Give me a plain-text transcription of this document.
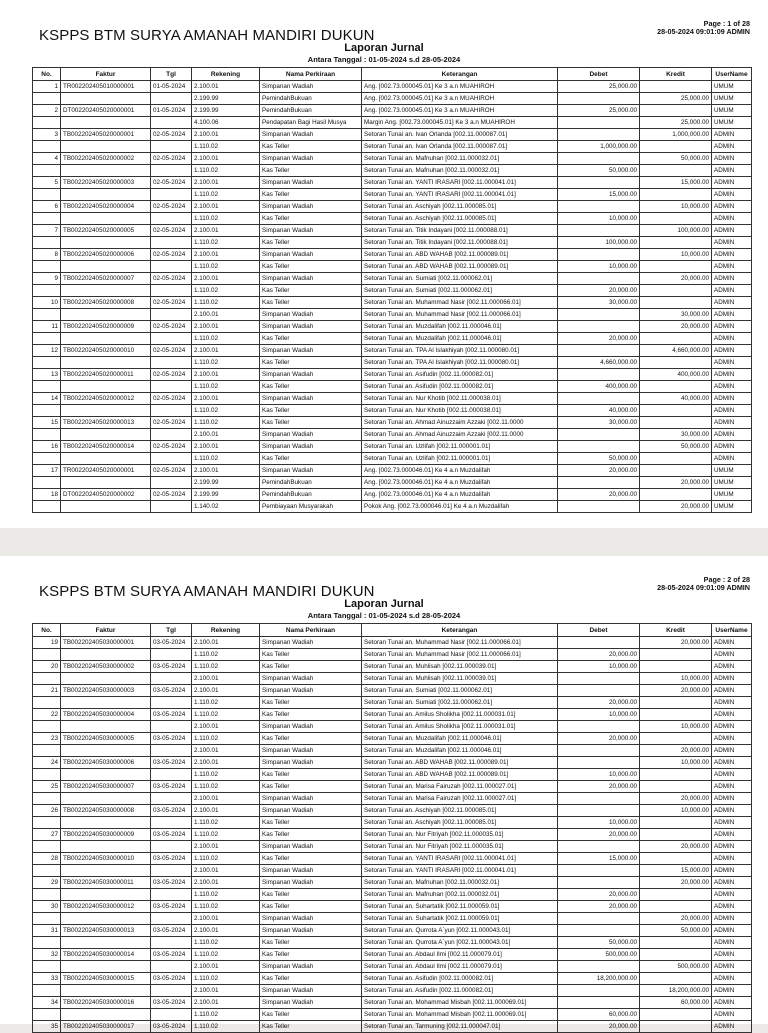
Page : 1 of 28
28-05-2024 09:01:09 ADMIN
KSPPS BTM SURYA AMANAH MANDIRI DUKUN
Laporan Jurnal
Antara Tanggal : 01-05-2024 s.d 28-05-2024
No.	Faktur	Tgl	Rekening	Nama Perkiraan	Keterangan	Debet	Kredit	UserName
1	TR002202405010000001	01-05-2024	2.100.01	Simpanan Wadiah	Ang. [002.73.000045.01] Ke 3 a.n MUAHIROH	25,000.00		UMUM
			2.199.99	PemindahBukuan	Ang. [002.73.000045.01] Ke 3 a.n MUAHIROH		25,000.00	UMUM
2	DT002202405020000001	01-05-2024	2.199.99	PemindahBukuan	Ang. [002.73.000045.01] Ke 3 a.n MUAHIROH	25,000.00		UMUM
			4.100.06	Pendapatan Bagi Hasil Musya	Margin Ang. [002.73.000045.01] Ke 3 a.n MUAHIROH		25,000.00	UMUM
3	TB002202405020000001	02-05-2024	2.100.01	Simpanan Wadiah	Setoran Tunai an. Ivan Orlanda [002.11.000087.01]		1,000,000.00	ADMIN
			1.110.02	Kas Teller	Setoran Tunai an. Ivan Orlanda [002.11.000087.01]	1,000,000.00		ADMIN
4	TB002202405020000002	02-05-2024	2.100.01	Simpanan Wadiah	Setoran Tunai an. Mafnuhan [002.11.000032.01]		50,000.00	ADMIN
			1.110.02	Kas Teller	Setoran Tunai an. Mafnuhan [002.11.000032.01]	50,000.00		ADMIN
5	TB002202405020000003	02-05-2024	2.100.01	Simpanan Wadiah	Setoran Tunai an. YANTI IRASARI [002.11.000041.01]		15,000.00	ADMIN
			1.110.02	Kas Teller	Setoran Tunai an. YANTI IRASARI [002.11.000041.01]	15,000.00		ADMIN
6	TB002202405020000004	02-05-2024	2.100.01	Simpanan Wadiah	Setoran Tunai an. Aschiyah [002.11.000085.01]		10,000.00	ADMIN
			1.110.02	Kas Teller	Setoran Tunai an. Aschiyah [002.11.000085.01]	10,000.00		ADMIN
7	TB002202405020000005	02-05-2024	2.100.01	Simpanan Wadiah	Setoran Tunai an. Titik Indayani [002.11.000088.01]		100,000.00	ADMIN
			1.110.02	Kas Teller	Setoran Tunai an. Titik Indayani [002.11.000088.01]	100,000.00		ADMIN
8	TB002202405020000006	02-05-2024	2.100.01	Simpanan Wadiah	Setoran Tunai an. ABD WAHAB [002.11.000089.01]		10,000.00	ADMIN
			1.110.02	Kas Teller	Setoran Tunai an. ABD WAHAB [002.11.000089.01]	10,000.00		ADMIN
9	TB002202405020000007	02-05-2024	2.100.01	Simpanan Wadiah	Setoran Tunai an. Sumiati [002.11.000062.01]		20,000.00	ADMIN
			1.110.02	Kas Teller	Setoran Tunai an. Sumiati [002.11.000062.01]	20,000.00		ADMIN
10	TB002202405020000008	02-05-2024	1.110.02	Kas Teller	Setoran Tunai an. Muhammad Nasir [002.11.000066.01]	30,000.00		ADMIN
			2.100.01	Simpanan Wadiah	Setoran Tunai an. Muhammad Nasir [002.11.000066.01]		30,000.00	ADMIN
11	TB002202405020000009	02-05-2024	2.100.01	Simpanan Wadiah	Setoran Tunai an. Muzdalifah [002.11.000046.01]		20,000.00	ADMIN
			1.110.02	Kas Teller	Setoran Tunai an. Muzdalifah [002.11.000046.01]	20,000.00		ADMIN
12	TB002202405020000010	02-05-2024	2.100.01	Simpanan Wadiah	Setoran Tunai an. TPA Al Islakhiyah [002.11.000080.01]		4,660,000.00	ADMIN
			1.110.02	Kas Teller	Setoran Tunai an. TPA Al Islakhiyah [002.11.000080.01]	4,660,000.00		ADMIN
13	TB002202405020000011	02-05-2024	2.100.01	Simpanan Wadiah	Setoran Tunai an. Asifudin [002.11.000082.01]		400,000.00	ADMIN
			1.110.02	Kas Teller	Setoran Tunai an. Asifudin [002.11.000082.01]	400,000.00		ADMIN
14	TB002202405020000012	02-05-2024	2.100.01	Simpanan Wadiah	Setoran Tunai an. Nur Khotib [002.11.000038.01]		40,000.00	ADMIN
			1.110.02	Kas Teller	Setoran Tunai an. Nur Khotib [002.11.000038.01]	40,000.00		ADMIN
15	TB002202405020000013	02-05-2024	1.110.02	Kas Teller	Setoran Tunai an. Ahmad Ainuzzaim Azzaki [002.11.0000	30,000.00		ADMIN
			2.100.01	Simpanan Wadiah	Setoran Tunai an. Ahmad Ainuzzaim Azzaki [002.11.0000		30,000.00	ADMIN
16	TB002202405020000014	02-05-2024	2.100.01	Simpanan Wadiah	Setoran Tunai an. Uzlifah [002.11.000001.01]		50,000.00	ADMIN
			1.110.02	Kas Teller	Setoran Tunai an. Uzlifah [002.11.000001.01]	50,000.00		ADMIN
17	TR002202405020000001	02-05-2024	2.100.01	Simpanan Wadiah	Ang. [002.73.000046.01] Ke 4 a.n Muzdalifah	20,000.00		UMUM
			2.199.99	PemindahBukuan	Ang. [002.73.000046.01] Ke 4 a.n Muzdalifah		20,000.00	UMUM
18	DT002202405020000002	02-05-2024	2.199.99	PemindahBukuan	Ang. [002.73.000046.01] Ke 4 a.n Muzdalifah	20,000.00		UMUM
			1.140.02	Pembiayaan Musyarakah	Pokok Ang. [002.73.000046.01] Ke 4 a.n Muzdalifah		20,000.00	UMUM
Page : 2 of 28
28-05-2024 09:01:09 ADMIN
KSPPS BTM SURYA AMANAH MANDIRI DUKUN
Laporan Jurnal
Antara Tanggal : 01-05-2024 s.d 28-05-2024
No.	Faktur	Tgl	Rekening	Nama Perkiraan	Keterangan	Debet	Kredit	UserName
19	TB002202405030000001	03-05-2024	2.100.01	Simpanan Wadiah	Setoran Tunai an. Muhammad Nasir [002.11.000066.01]		20,000.00	ADMIN
			1.110.02	Kas Teller	Setoran Tunai an. Muhammad Nasir [002.11.000066.01]	20,000.00		ADMIN
20	TB002202405030000002	03-05-2024	1.110.02	Kas Teller	Setoran Tunai an. Muhlisah [002.11.000039.01]	10,000.00		ADMIN
			2.100.01	Simpanan Wadiah	Setoran Tunai an. Muhlisah [002.11.000039.01]		10,000.00	ADMIN
21	TB002202405030000003	03-05-2024	2.100.01	Simpanan Wadiah	Setoran Tunai an. Sumiati [002.11.000062.01]		20,000.00	ADMIN
			1.110.02	Kas Teller	Setoran Tunai an. Sumiati [002.11.000062.01]	20,000.00		ADMIN
22	TB002202405030000004	03-05-2024	1.110.02	Kas Teller	Setoran Tunai an. Amilus Sholikha [002.11.000031.01]	10,000.00		ADMIN
			2.100.01	Simpanan Wadiah	Setoran Tunai an. Amilus Sholikha [002.11.000031.01]		10,000.00	ADMIN
23	TB002202405030000005	03-05-2024	1.110.02	Kas Teller	Setoran Tunai an. Muzdalifah [002.11.000046.01]	20,000.00		ADMIN
			2.100.01	Simpanan Wadiah	Setoran Tunai an. Muzdalifah [002.11.000046.01]		20,000.00	ADMIN
24	TB002202405030000006	03-05-2024	2.100.01	Simpanan Wadiah	Setoran Tunai an. ABD WAHAB [002.11.000089.01]		10,000.00	ADMIN
			1.110.02	Kas Teller	Setoran Tunai an. ABD WAHAB [002.11.000089.01]	10,000.00		ADMIN
25	TB002202405030000007	03-05-2024	1.110.02	Kas Teller	Setoran Tunai an. Marisa Fairuzah [002.11.000027.01]	20,000.00		ADMIN
			2.100.01	Simpanan Wadiah	Setoran Tunai an. Marisa Fairuzah [002.11.000027.01]		20,000.00	ADMIN
26	TB002202405030000008	03-05-2024	2.100.01	Simpanan Wadiah	Setoran Tunai an. Aschiyah [002.11.000085.01]		10,000.00	ADMIN
			1.110.02	Kas Teller	Setoran Tunai an. Aschiyah [002.11.000085.01]	10,000.00		ADMIN
27	TB002202405030000009	03-05-2024	1.110.02	Kas Teller	Setoran Tunai an. Nur Fitriyah [002.11.000035.01]	20,000.00		ADMIN
			2.100.01	Simpanan Wadiah	Setoran Tunai an. Nur Fitriyah [002.11.000035.01]		20,000.00	ADMIN
28	TB002202405030000010	03-05-2024	1.110.02	Kas Teller	Setoran Tunai an. YANTI IRASARI [002.11.000041.01]	15,000.00		ADMIN
			2.100.01	Simpanan Wadiah	Setoran Tunai an. YANTI IRASARI [002.11.000041.01]		15,000.00	ADMIN
29	TB002202405030000011	03-05-2024	2.100.01	Simpanan Wadiah	Setoran Tunai an. Mafnuhan [002.11.000032.01]		20,000.00	ADMIN
			1.110.02	Kas Teller	Setoran Tunai an. Mafnuhan [002.11.000032.01]	20,000.00		ADMIN
30	TB002202405030000012	03-05-2024	1.110.02	Kas Teller	Setoran Tunai an. Suhartatik [002.11.000059.01]	20,000.00		ADMIN
			2.100.01	Simpanan Wadiah	Setoran Tunai an. Suhartatik [002.11.000059.01]		20,000.00	ADMIN
31	TB002202405030000013	03-05-2024	2.100.01	Simpanan Wadiah	Setoran Tunai an. Qurrota A`yun [002.11.000043.01]		50,000.00	ADMIN
			1.110.02	Kas Teller	Setoran Tunai an. Qurrota A`yun [002.11.000043.01]	50,000.00		ADMIN
32	TB002202405030000014	03-05-2024	1.110.02	Kas Teller	Setoran Tunai an. Abdaul Ilmi [002.11.000079.01]	500,000.00		ADMIN
			2.100.01	Simpanan Wadiah	Setoran Tunai an. Abdaul Ilmi [002.11.000079.01]		500,000.00	ADMIN
33	TB002202405030000015	03-05-2024	1.110.02	Kas Teller	Setoran Tunai an. Asifudin [002.11.000082.01]	18,200,000.00		ADMIN
			2.100.01	Simpanan Wadiah	Setoran Tunai an. Asifudin [002.11.000082.01]		18,200,000.00	ADMIN
34	TB002202405030000016	03-05-2024	2.100.01	Simpanan Wadiah	Setoran Tunai an. Mohammad Misbah [002.11.000069.01]		60,000.00	ADMIN
			1.110.02	Kas Teller	Setoran Tunai an. Mohammad Misbah [002.11.000069.01]	60,000.00		ADMIN
35	TB002202405030000017	03-05-2024	1.110.02	Kas Teller	Setoran Tunai an. Tarmuning [002.11.000047.01]	20,000.00		ADMIN
